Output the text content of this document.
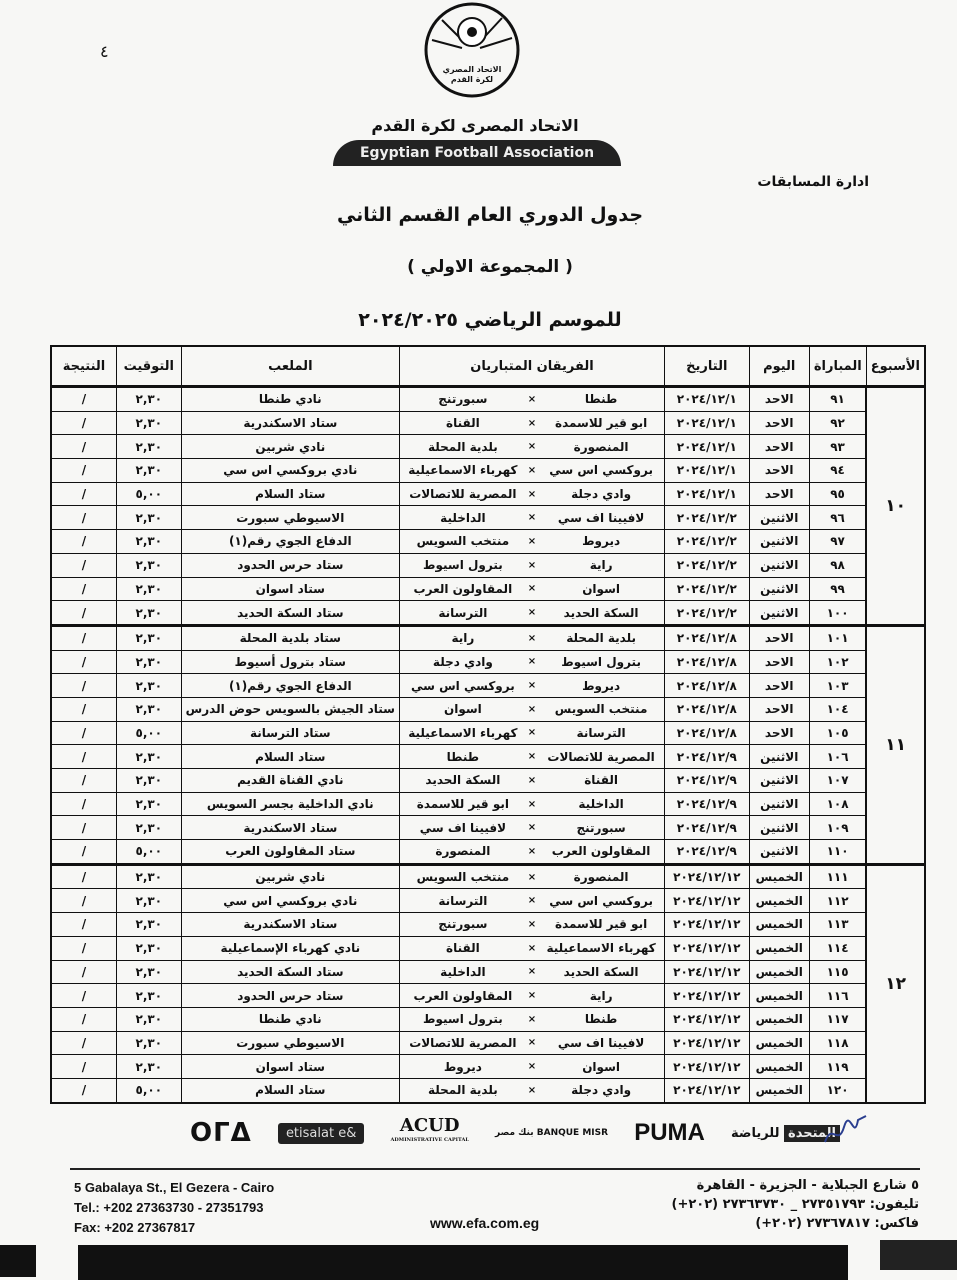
٤
الاتحاد المصري
لكرة القدم
الاتحاد المصرى لكرة القدم
Egyptian Football Association
ادارة المسابقات
جدول الدوري العام القسم الثاني
( المجموعة الاولي )
للموسم الرياضي ٢٠٢٤/٢٠٢٥
الأسبوع	المباراة	اليوم	التاريخ	الفريقان المتباريان			الملعب	التوقيت	النتيجة
١٠	٩١	الاحد	٢٠٢٤/١٢/١	طنطا	×	سبورتنج	نادي طنطا	٢,٣٠	/
	٩٢	الاحد	٢٠٢٤/١٢/١	ابو قير للاسمدة	×	القناة	ستاد الاسكندرية	٢,٣٠	/
	٩٣	الاحد	٢٠٢٤/١٢/١	المنصورة	×	بلدية المحلة	نادي شربين	٢,٣٠	/
	٩٤	الاحد	٢٠٢٤/١٢/١	بروكسي اس سي	×	كهرباء الاسماعيلية	نادي بروكسي اس سي	٢,٣٠	/
	٩٥	الاحد	٢٠٢٤/١٢/١	وادي دجلة	×	المصرية للاتصالات	ستاد السلام	٥,٠٠	/
	٩٦	الاثنين	٢٠٢٤/١٢/٢	لافيينا اف سي	×	الداخلية	الاسيوطي سبورت	٢,٣٠	/
	٩٧	الاثنين	٢٠٢٤/١٢/٢	ديروط	×	منتخب السويس	الدفاع الجوي رقم(١)	٢,٣٠	/
	٩٨	الاثنين	٢٠٢٤/١٢/٢	راية	×	بترول اسيوط	ستاد حرس الحدود	٢,٣٠	/
	٩٩	الاثنين	٢٠٢٤/١٢/٢	اسوان	×	المقاولون العرب	ستاد اسوان	٢,٣٠	/
	١٠٠	الاثنين	٢٠٢٤/١٢/٢	السكة الحديد	×	الترسانة	ستاد السكة الحديد	٢,٣٠	/
١١	١٠١	الاحد	٢٠٢٤/١٢/٨	بلدية المحلة	×	راية	ستاد بلدية المحلة	٢,٣٠	/
	١٠٢	الاحد	٢٠٢٤/١٢/٨	بترول اسيوط	×	وادي دجلة	ستاد بترول أسيوط	٢,٣٠	/
	١٠٣	الاحد	٢٠٢٤/١٢/٨	ديروط	×	بروكسي اس سي	الدفاع الجوي رقم(١)	٢,٣٠	/
	١٠٤	الاحد	٢٠٢٤/١٢/٨	منتخب السويس	×	اسوان	ستاد الجيش بالسويس حوض الدرس	٢,٣٠	/
	١٠٥	الاحد	٢٠٢٤/١٢/٨	الترسانة	×	كهرباء الاسماعيلية	ستاد الترسانة	٥,٠٠	/
	١٠٦	الاثنين	٢٠٢٤/١٢/٩	المصرية للاتصالات	×	طنطا	ستاد السلام	٢,٣٠	/
	١٠٧	الاثنين	٢٠٢٤/١٢/٩	القناة	×	السكة الحديد	نادي القناة القديم	٢,٣٠	/
	١٠٨	الاثنين	٢٠٢٤/١٢/٩	الداخلية	×	ابو قير للاسمدة	نادي الداخلية بجسر السويس	٢,٣٠	/
	١٠٩	الاثنين	٢٠٢٤/١٢/٩	سبورتنج	×	لافيينا اف سي	ستاد الاسكندرية	٢,٣٠	/
	١١٠	الاثنين	٢٠٢٤/١٢/٩	المقاولون العرب	×	المنصورة	ستاد المقاولون العرب	٥,٠٠	/
١٢	١١١	الخميس	٢٠٢٤/١٢/١٢	المنصورة	×	منتخب السويس	نادي شربين	٢,٣٠	/
	١١٢	الخميس	٢٠٢٤/١٢/١٢	بروكسي اس سي	×	الترسانة	نادي بروكسي اس سي	٢,٣٠	/
	١١٣	الخميس	٢٠٢٤/١٢/١٢	ابو قير للاسمدة	×	سبورتنج	ستاد الاسكندرية	٢,٣٠	/
	١١٤	الخميس	٢٠٢٤/١٢/١٢	كهرباء الاسماعيلية	×	القناة	نادي كهرباء الإسماعيلية	٢,٣٠	/
	١١٥	الخميس	٢٠٢٤/١٢/١٢	السكة الحديد	×	الداخلية	ستاد السكة الحديد	٢,٣٠	/
	١١٦	الخميس	٢٠٢٤/١٢/١٢	راية	×	المقاولون العرب	ستاد حرس الحدود	٢,٣٠	/
	١١٧	الخميس	٢٠٢٤/١٢/١٢	طنطا	×	بترول اسيوط	نادي طنطا	٢,٣٠	/
	١١٨	الخميس	٢٠٢٤/١٢/١٢	لافيينا اف سي	×	المصرية للاتصالات	الاسيوطي سبورت	٢,٣٠	/
	١١٩	الخميس	٢٠٢٤/١٢/١٢	اسوان	×	ديروط	ستاد اسوان	٢,٣٠	/
	١٢٠	الخميس	٢٠٢٤/١٢/١٢	وادي دجلة	×	بلدية المحلة	ستاد السلام	٥,٠٠	/
المتحدة للرياضة
PUMA
بنك مصر BANQUE MISR
ACUD
ADMINISTRATIVE CAPITAL
etisalat e&
OΓΔ
5 Gabalaya St., El Gezera - Cairo
Tel.: +202 27363730 - 27351793
Fax: +202 27367817	www.efa.com.eg
٥ شارع الجبلاية - الجزيرة - القاهرة
تليفون: ٢٧٣٥١٧٩٣ _ ٢٧٣٦٣٧٣٠ (٢٠٢+)
فاكس: ٢٧٣٦٧٨١٧ (٢٠٢+)
